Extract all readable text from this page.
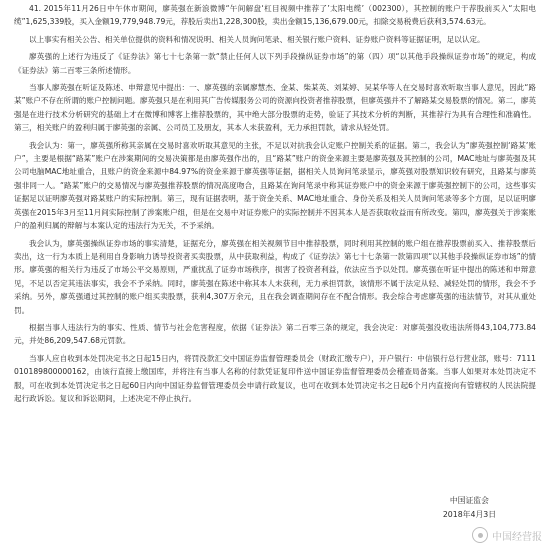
41. 2015年11月26日中午休市期间，廖英强在新浪微博“午间解盘‘杠目视频中推荐了’太阳电缆’（002300），其控制的账户于荐股前买入“太阳电缆”1,625,339股，买入金额19,779,948.79元，荐股后卖出1,228,300股，卖出金额15,136,679.00元，扣除交易税费后获利3,574.63元。

以上事实有相关公告、相关单位提供的资料和情况说明、相关人员询问笔录、相关银行账户资料、证券账户资料等证据证明，足以认定。

廖英强的上述行为违反了《证券法》第七十七条第一款“禁止任何人以下列手段操纵证券市场”的第（四）项“以其他手段操纵证券市场”的规定，构成《证券法》第二百零三条所述情形。

当事人廖英强在听证及陈述、申辩意见中提出：一、廖英强的亲属廖慧杰、金某、柴某英、刘某婷、吴某华等人在交易时喜欢听取当事人意见，因此“路某”账户不存在所谓的账户控制问题。廖英强只是在利用其广告传媒服务公司的资源向投资者推荐股票，但廖英强并不了解路某交易股票的情况。第二，廖英强是在进行技术分析研究的基础上才在微博和博客上推荐股票的，其中绝大部分股票的走势，验证了其技术分析的判断，其推荐行为具有合理性和准确性。第三，相关账户的盈利归属于廖英强的亲属、公司员工及朋友，其本人未获盈利，无力承担罚款，请求从轻处罚。

我会认为：第一，廖英强所称其亲属在交易时喜欢听取其意见的主张，不足以对抗我会认定账户控制关系的证据。第二，我会认为“廖英强控制‘路某’账户”，主要是根据“路某”账户在涉案期间的交易决策都是由廖英强作出的，且“路某”账户的资金来源主要是廖英强及其控制的公司，MAC地址与廖英强及其公司电脑MAC地址重合，且账户的资金来源中84.97%的资金来源于廖英强等证据，据相关人员询问笔录显示，廖英强对股票知识较有研究，且路某与廖英强非同一人。“路某”账户的交易情况与廖英强推荐股票的情况高度吻合，且路某在询问笔录中称其证券账户中的资金来源于廖英强控制下的公司，这些事实证据足以证明廖英强对路某账户的实际控制。第三，现有证据表明，基于资金关系、MAC地址重合、身份关系及相关人员询问笔录等多个方面，足以证明廖英强在2015年3月至11月间实际控制了涉案账户组，但是在交易中对证券账户的实际控制并不因其本人是否获取收益而有所改变。第四，廖英强关于涉案账户的盈利归属的辩解与本案认定的违法行为无关，不予采纳。

我会认为，廖英强操纵证券市场的事实清楚，证据充分，廖英强在相关视频节目中推荐股票，同时利用其控制的账户组在推荐股票前买入、推荐股票后卖出，这一行为本质上是利用自身影响力诱导投资者买卖股票，从中获取利益，构成了《证券法》第七十七条第一款第四项“以其他手段操纵证券市场”的情形。廖英强的相关行为违反了市场公平交易原则，严重扰乱了证券市场秩序，损害了投资者利益，依法应当予以处罚。廖英强在听证中提出的陈述和申辩意见，不足以否定其违法事实，我会不予采纳。同时，廖英强在陈述中称其本人未获利，无力承担罚款，该情形不属于法定从轻、减轻处罚的情形，我会不予采纳。另外，廖英强通过其控制的账户组买卖股票，获利4,307万余元，且在我会调查期间存在不配合情形。我会综合考虑廖英强的违法情节，对其从重处罚。

根据当事人违法行为的事实、性质、情节与社会危害程度，依据《证券法》第二百零三条的规定，我会决定：对廖英强没收违法所得43,104,773.84元，并处86,209,547.68元罚款。

当事人应自收到本处罚决定书之日起15日内，将罚没款汇交中国证券监督管理委员会（财政汇缴专户），开户银行：中信银行总行营业部，账号：7111010189800000162，由该行直接上缴国库，并将注有当事人名称的付款凭证复印件送中国证券监督管理委员会稽查局备案。当事人如果对本处罚决定不服，可在收到本处罚决定书之日起60日内向中国证券监督管理委员会申请行政复议，也可在收到本处罚决定书之日起6个月内直接向有管辖权的人民法院提起行政诉讼。复议和诉讼期间，上述决定不停止执行。

中国证监会
2018年4月3日
中国经营报
